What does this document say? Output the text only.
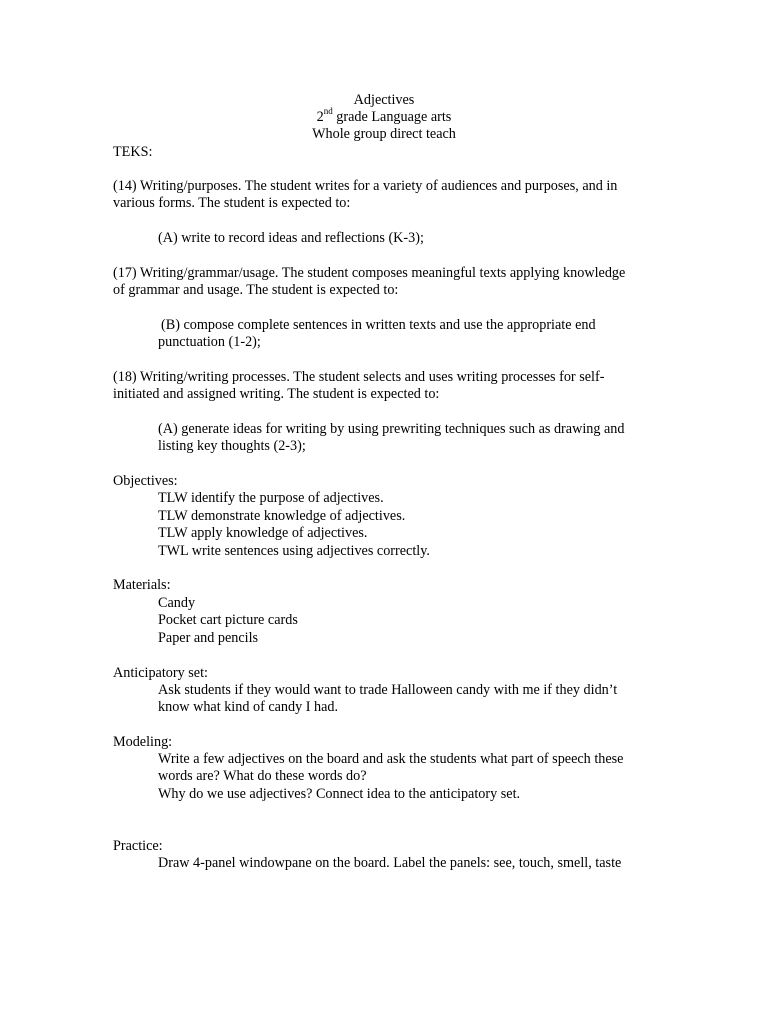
Adjectives
2nd grade Language arts
Whole group direct teach
TEKS:
(14) Writing/purposes. The student writes for a variety of audiences and purposes, and in
various forms. The student is expected to:
(A) write to record ideas and reflections (K-3);
(17) Writing/grammar/usage. The student composes meaningful texts applying knowledge
of grammar and usage. The student is expected to:
(B) compose complete sentences in written texts and use the appropriate end
punctuation (1-2);
(18) Writing/writing processes. The student selects and uses writing processes for self-
initiated and assigned writing. The student is expected to:
(A) generate ideas for writing by using prewriting techniques such as drawing and
listing key thoughts (2-3);
Objectives:
TLW identify the purpose of adjectives.
TLW demonstrate knowledge of adjectives.
TLW apply knowledge of adjectives.
TWL write sentences using adjectives correctly.
Materials:
Candy
Pocket cart picture cards
Paper and pencils
Anticipatory set:
Ask students if they would want to trade Halloween candy with me if they didn’t
know what kind of candy I had.
Modeling:
Write a few adjectives on the board and ask the students what part of speech these
words are? What do these words do?
Why do we use adjectives? Connect idea to the anticipatory set.
Practice:
Draw 4-panel windowpane on the board. Label the panels: see, touch, smell, taste
